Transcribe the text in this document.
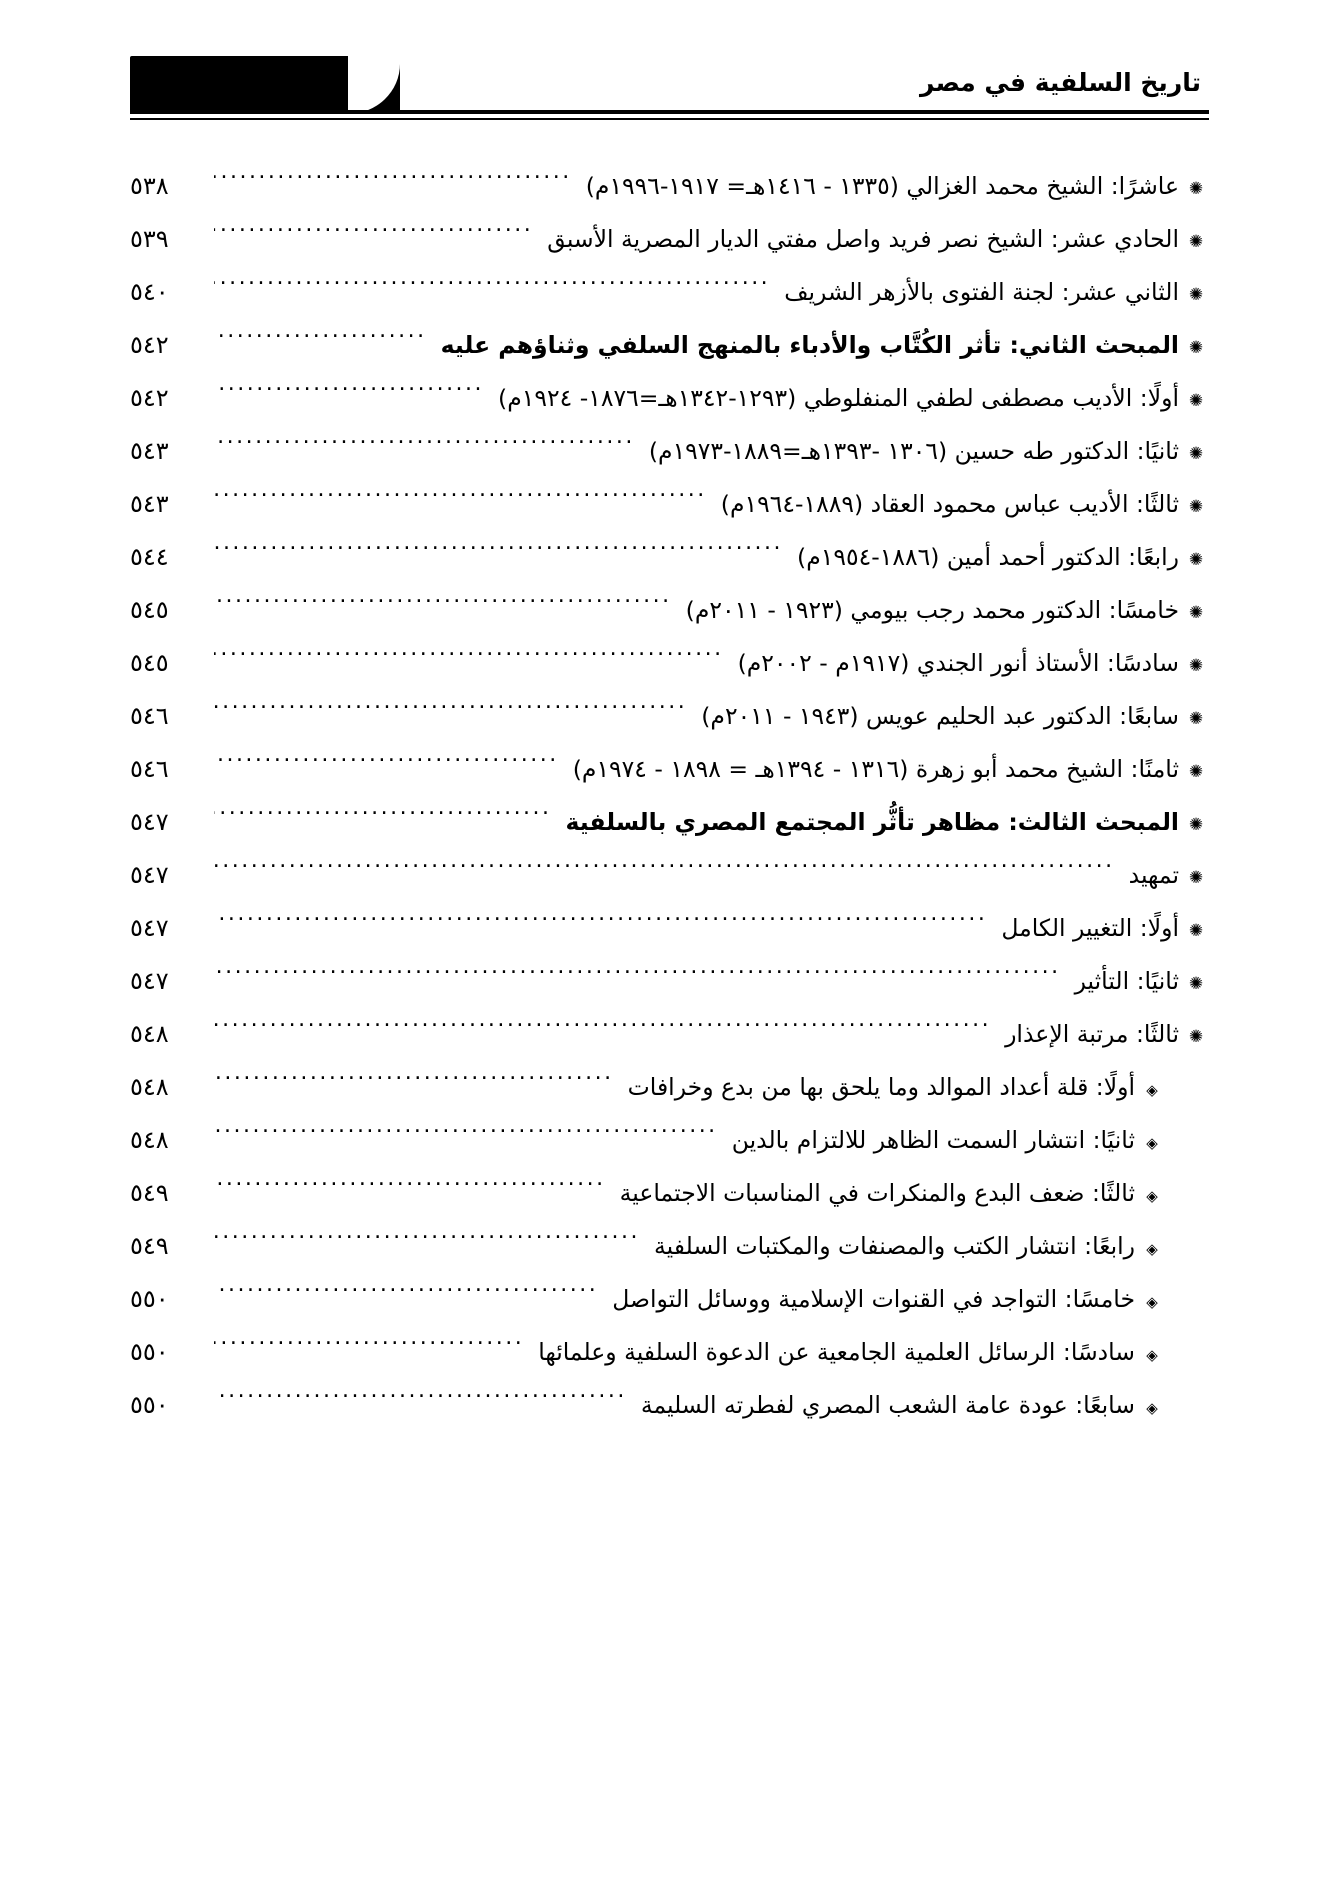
تاريخ السلفية في مصر
٥٦٤
✺
عاشرًا: الشيخ محمد الغزالي (١٣٣٥ - ١٤١٦هـ= ١٩١٧-١٩٩٦م)
.....
٥٣٨
✺
الحادي عشر: الشيخ نصر فريد واصل مفتي الديار المصرية الأسبق
.....
٥٣٩
✺
الثاني عشر: لجنة الفتوى بالأزهر الشريف
.....
٥٤٠
✺
المبحث الثاني: تأثر الكُتَّاب والأدباء بالمنهج السلفي وثناؤهم عليه
.....
٥٤٢
✺
أولًا: الأديب مصطفى لطفي المنفلوطي (١٢٩٣-١٣٤٢هـ=١٨٧٦- ١٩٢٤م)
.....
٥٤٢
✺
ثانيًا: الدكتور طه حسين (١٣٠٦ -١٣٩٣هـ=١٨٨٩-١٩٧٣م)
.....
٥٤٣
✺
ثالثًا: الأديب عباس محمود العقاد (١٨٨٩-١٩٦٤م)
.....
٥٤٣
✺
رابعًا: الدكتور أحمد أمين (١٨٨٦-١٩٥٤م)
.....
٥٤٤
✺
خامسًا: الدكتور محمد رجب بيومي (١٩٢٣ - ٢٠١١م)
.....
٥٤٥
✺
سادسًا: الأستاذ أنور الجندي (١٩١٧م - ٢٠٠٢م)
.....
٥٤٥
✺
سابعًا: الدكتور عبد الحليم عويس (١٩٤٣ - ٢٠١١م)
.....
٥٤٦
✺
ثامنًا: الشيخ محمد أبو زهرة (١٣١٦ - ١٣٩٤هـ = ١٨٩٨ - ١٩٧٤م)
.....
٥٤٦
✺
المبحث الثالث: مظاهر تأثُّر المجتمع المصري بالسلفية
.....
٥٤٧
✺
تمهيد
.....
٥٤٧
✺
أولًا: التغيير الكامل
.....
٥٤٧
✺
ثانيًا: التأثير
.....
٥٤٧
✺
ثالثًا: مرتبة الإعذار
.....
٥٤٨
◈
أولًا: قلة أعداد الموالد وما يلحق بها من بدع وخرافات
.....
٥٤٨
◈
ثانيًا: انتشار السمت الظاهر للالتزام بالدين
.....
٥٤٨
◈
ثالثًا: ضعف البدع والمنكرات في المناسبات الاجتماعية
.....
٥٤٩
◈
رابعًا: انتشار الكتب والمصنفات والمكتبات السلفية
.....
٥٤٩
◈
خامسًا: التواجد في القنوات الإسلامية ووسائل التواصل
.....
٥٥٠
◈
سادسًا: الرسائل العلمية الجامعية عن الدعوة السلفية وعلمائها
.....
٥٥٠
◈
سابعًا: عودة عامة الشعب المصري لفطرته السليمة
.....
٥٥٠
